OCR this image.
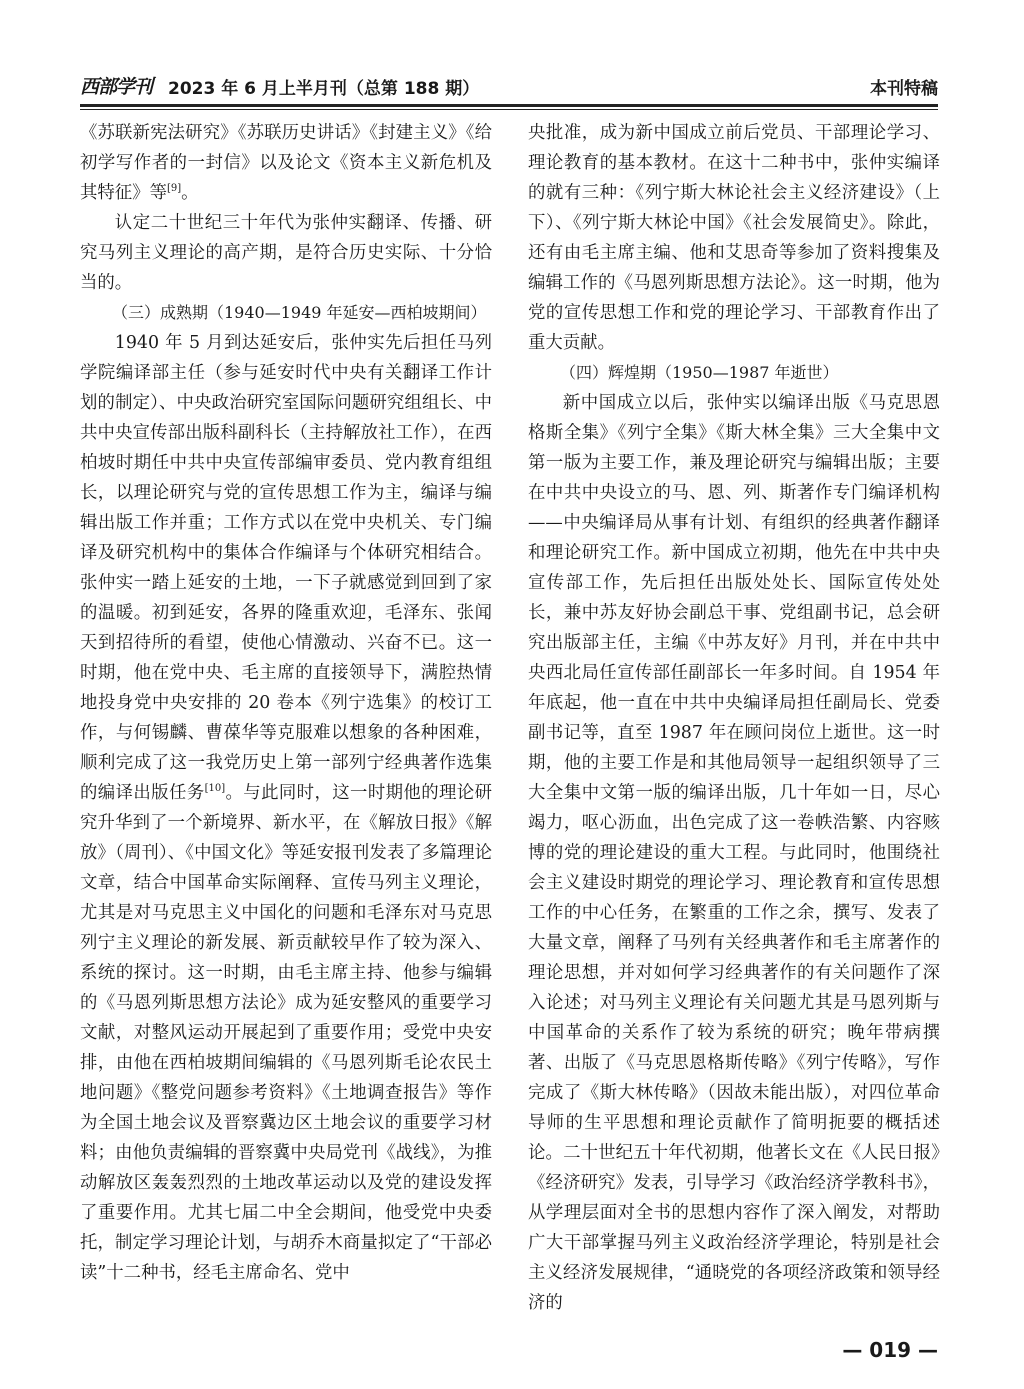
西部学刊 2023 年 6 月上半月刊（总第 188 期）	本刊特稿

《苏联新宪法研究》《苏联历史讲话》《封建主义》《给初学写作者的一封信》以及论文《资本主义新危机及其特征》等[9]。

认定二十世纪三十年代为张仲实翻译、传播、研究马列主义理论的高产期，是符合历史实际、十分恰当的。

（三）成熟期（1940—1949 年延安—西柏坡期间）

1940 年 5 月到达延安后，张仲实先后担任马列学院编译部主任（参与延安时代中央有关翻译工作计划的制定）、中央政治研究室国际问题研究组组长、中共中央宣传部出版科副科长（主持解放社工作），在西柏坡时期任中共中央宣传部编审委员、党内教育组组长，以理论研究与党的宣传思想工作为主，编译与编辑出版工作并重；工作方式以在党中央机关、专门编译及研究机构中的集体合作编译与个体研究相结合。张仲实一踏上延安的土地，一下子就感觉到回到了家的温暖。初到延安，各界的隆重欢迎，毛泽东、张闻天到招待所的看望，使他心情激动、兴奋不已。这一时期，他在党中央、毛主席的直接领导下，满腔热情地投身党中央安排的 20 卷本《列宁选集》的校订工作，与何锡麟、曹葆华等克服难以想象的各种困难，顺利完成了这一我党历史上第一部列宁经典著作选集的编译出版任务[10]。与此同时，这一时期他的理论研究升华到了一个新境界、新水平，在《解放日报》《解放》（周刊）、《中国文化》等延安报刊发表了多篇理论文章，结合中国革命实际阐释、宣传马列主义理论，尤其是对马克思主义中国化的问题和毛泽东对马克思列宁主义理论的新发展、新贡献较早作了较为深入、系统的探讨。这一时期，由毛主席主持、他参与编辑的《马恩列斯思想方法论》成为延安整风的重要学习文献，对整风运动开展起到了重要作用；受党中央安排，由他在西柏坡期间编辑的《马恩列斯毛论农民土地问题》《整党问题参考资料》《土地调查报告》等作为全国土地会议及晋察冀边区土地会议的重要学习材料；由他负责编辑的晋察冀中央局党刊《战线》，为推动解放区轰轰烈烈的土地改革运动以及党的建设发挥了重要作用。尤其七届二中全会期间，他受党中央委托，制定学习理论计划，与胡乔木商量拟定了“干部必读”十二种书，经毛主席命名、党中

央批准，成为新中国成立前后党员、干部理论学习、理论教育的基本教材。在这十二种书中，张仲实编译的就有三种：《列宁斯大林论社会主义经济建设》（上下）、《列宁斯大林论中国》《社会发展简史》。除此，还有由毛主席主编、他和艾思奇等参加了资料搜集及编辑工作的《马恩列斯思想方法论》。这一时期，他为党的宣传思想工作和党的理论学习、干部教育作出了重大贡献。

（四）辉煌期（1950—1987 年逝世）

新中国成立以后，张仲实以编译出版《马克思恩格斯全集》《列宁全集》《斯大林全集》三大全集中文第一版为主要工作，兼及理论研究与编辑出版；主要在中共中央设立的马、恩、列、斯著作专门编译机构——中央编译局从事有计划、有组织的经典著作翻译和理论研究工作。新中国成立初期，他先在中共中央宣传部工作，先后担任出版处处长、国际宣传处处长，兼中苏友好协会副总干事、党组副书记，总会研究出版部主任，主编《中苏友好》月刊，并在中共中央西北局任宣传部任副部长一年多时间。自 1954 年年底起，他一直在中共中央编译局担任副局长、党委副书记等，直至 1987 年在顾问岗位上逝世。这一时期，他的主要工作是和其他局领导一起组织领导了三大全集中文第一版的编译出版，几十年如一日，尽心竭力，呕心沥血，出色完成了这一卷帙浩繁、内容赅博的党的理论建设的重大工程。与此同时，他围绕社会主义建设时期党的理论学习、理论教育和宣传思想工作的中心任务，在繁重的工作之余，撰写、发表了大量文章，阐释了马列有关经典著作和毛主席著作的理论思想，并对如何学习经典著作的有关问题作了深入论述；对马列主义理论有关问题尤其是马恩列斯与中国革命的关系作了较为系统的研究；晚年带病撰著、出版了《马克思恩格斯传略》《列宁传略》，写作完成了《斯大林传略》（因故未能出版），对四位革命导师的生平思想和理论贡献作了简明扼要的概括述论。二十世纪五十年代初期，他著长文在《人民日报》《经济研究》发表，引导学习《政治经济学教科书》，从学理层面对全书的思想内容作了深入阐发，对帮助广大干部掌握马列主义政治经济学理论，特别是社会主义经济发展规律，“通晓党的各项经济政策和领导经济的

— 019 —
